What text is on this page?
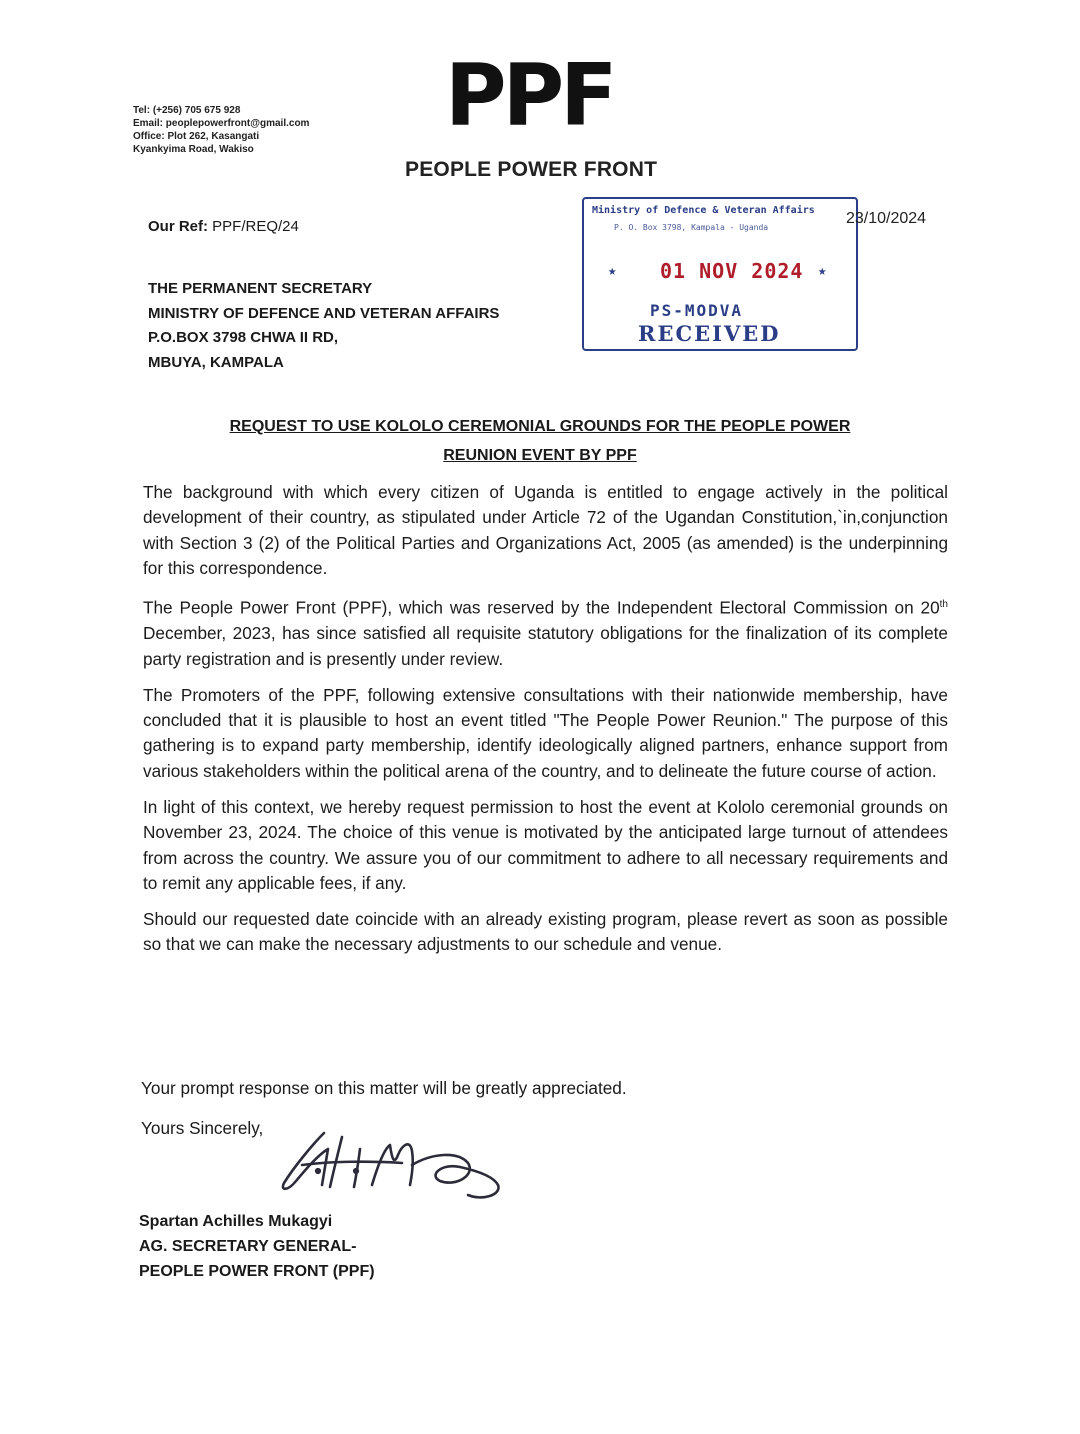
Tel: (+256) 705 675 928
Email: peoplepowerfront@gmail.com
Office: Plot 262, Kasangati
Kyankyima Road, Wakiso
PPF
PEOPLE POWER FRONT
Our Ref: PPF/REQ/24
Ministry of Defence & Veteran Affairs
P. O. Box 3798, Kampala - Uganda
★ 01 NOV 2024 ★
PS-MODVA
RECEIVED
23/10/2024
THE PERMANENT SECRETARY
MINISTRY OF DEFENCE AND VETERAN AFFAIRS
P.O.BOX 3798 CHWA II RD,
MBUYA, KAMPALA
REQUEST TO USE KOLOLO CEREMONIAL GROUNDS FOR THE PEOPLE POWER
REUNION EVENT BY PPF

The background with which every citizen of Uganda is entitled to engage actively in the political development of their country, as stipulated under Article 72 of the Ugandan Constitution,`in,conjunction with Section 3 (2) of the Political Parties and Organizations Act, 2005 (as amended) is the underpinning for this correspondence.

The People Power Front (PPF), which was reserved by the Independent Electoral Commission on 20th December, 2023, has since satisfied all requisite statutory obligations for the finalization of its complete party registration and is presently under review.

The Promoters of the PPF, following extensive consultations with their nationwide membership, have concluded that it is plausible to host an event titled "The People Power Reunion." The purpose of this gathering is to expand party membership, identify ideologically aligned partners, enhance support from various stakeholders within the political arena of the country, and to delineate the future course of action.

In light of this context, we hereby request permission to host the event at Kololo ceremonial grounds on November 23, 2024. The choice of this venue is motivated by the anticipated large turnout of attendees from across the country. We assure you of our commitment to adhere to all necessary requirements and to remit any applicable fees, if any.

Should our requested date coincide with an already existing program, please revert as soon as possible so that we can make the necessary adjustments to our schedule and venue.

Your prompt response on this matter will be greatly appreciated.
Yours Sincerely,
Spartan Achilles Mukagyi
AG. SECRETARY GENERAL-
PEOPLE POWER FRONT (PPF)
